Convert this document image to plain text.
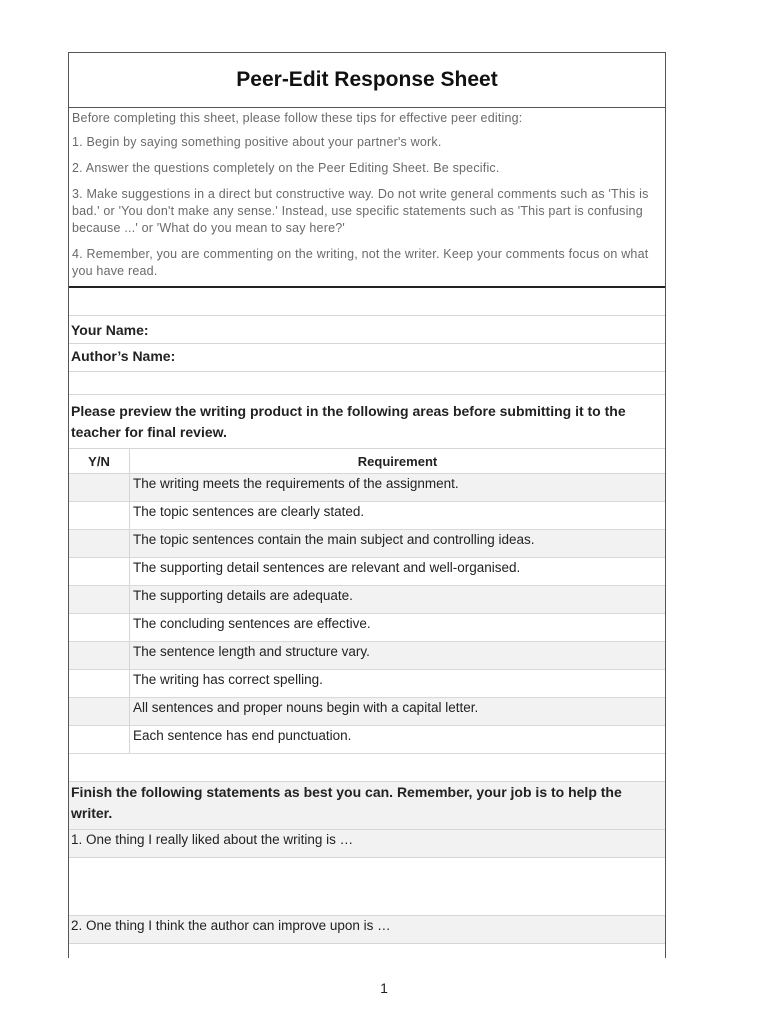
Peer-Edit Response Sheet
Before completing this sheet, please follow these tips for effective peer editing:
1. Begin by saying something positive about your partner's work.
2. Answer the questions completely on the Peer Editing Sheet. Be specific.
3. Make suggestions in a direct but constructive way. Do not write general comments such as 'This is bad.' or 'You don't make any sense.' Instead, use specific statements such as 'This part is confusing because ...' or 'What do you mean to say here?'
4. Remember, you are commenting on the writing, not the writer. Keep your comments focus on what you have read.
Your Name:
Author’s Name:
Please preview the writing product in the following areas before submitting it to the teacher for final review.
Y/N	Requirement
	The writing meets the requirements of the assignment.
	The topic sentences are clearly stated.
	The topic sentences contain the main subject and controlling ideas.
	The supporting detail sentences are relevant and well-organised.
	The supporting details are adequate.
	The concluding sentences are effective.
	The sentence length and structure vary.
	The writing has correct spelling.
	All sentences and proper nouns begin with a capital letter.
	Each sentence has end punctuation.
Finish the following statements as best you can. Remember, your job is to help the writer.
1. One thing I really liked about the writing is …
2. One thing I think the author can improve upon is …
1
